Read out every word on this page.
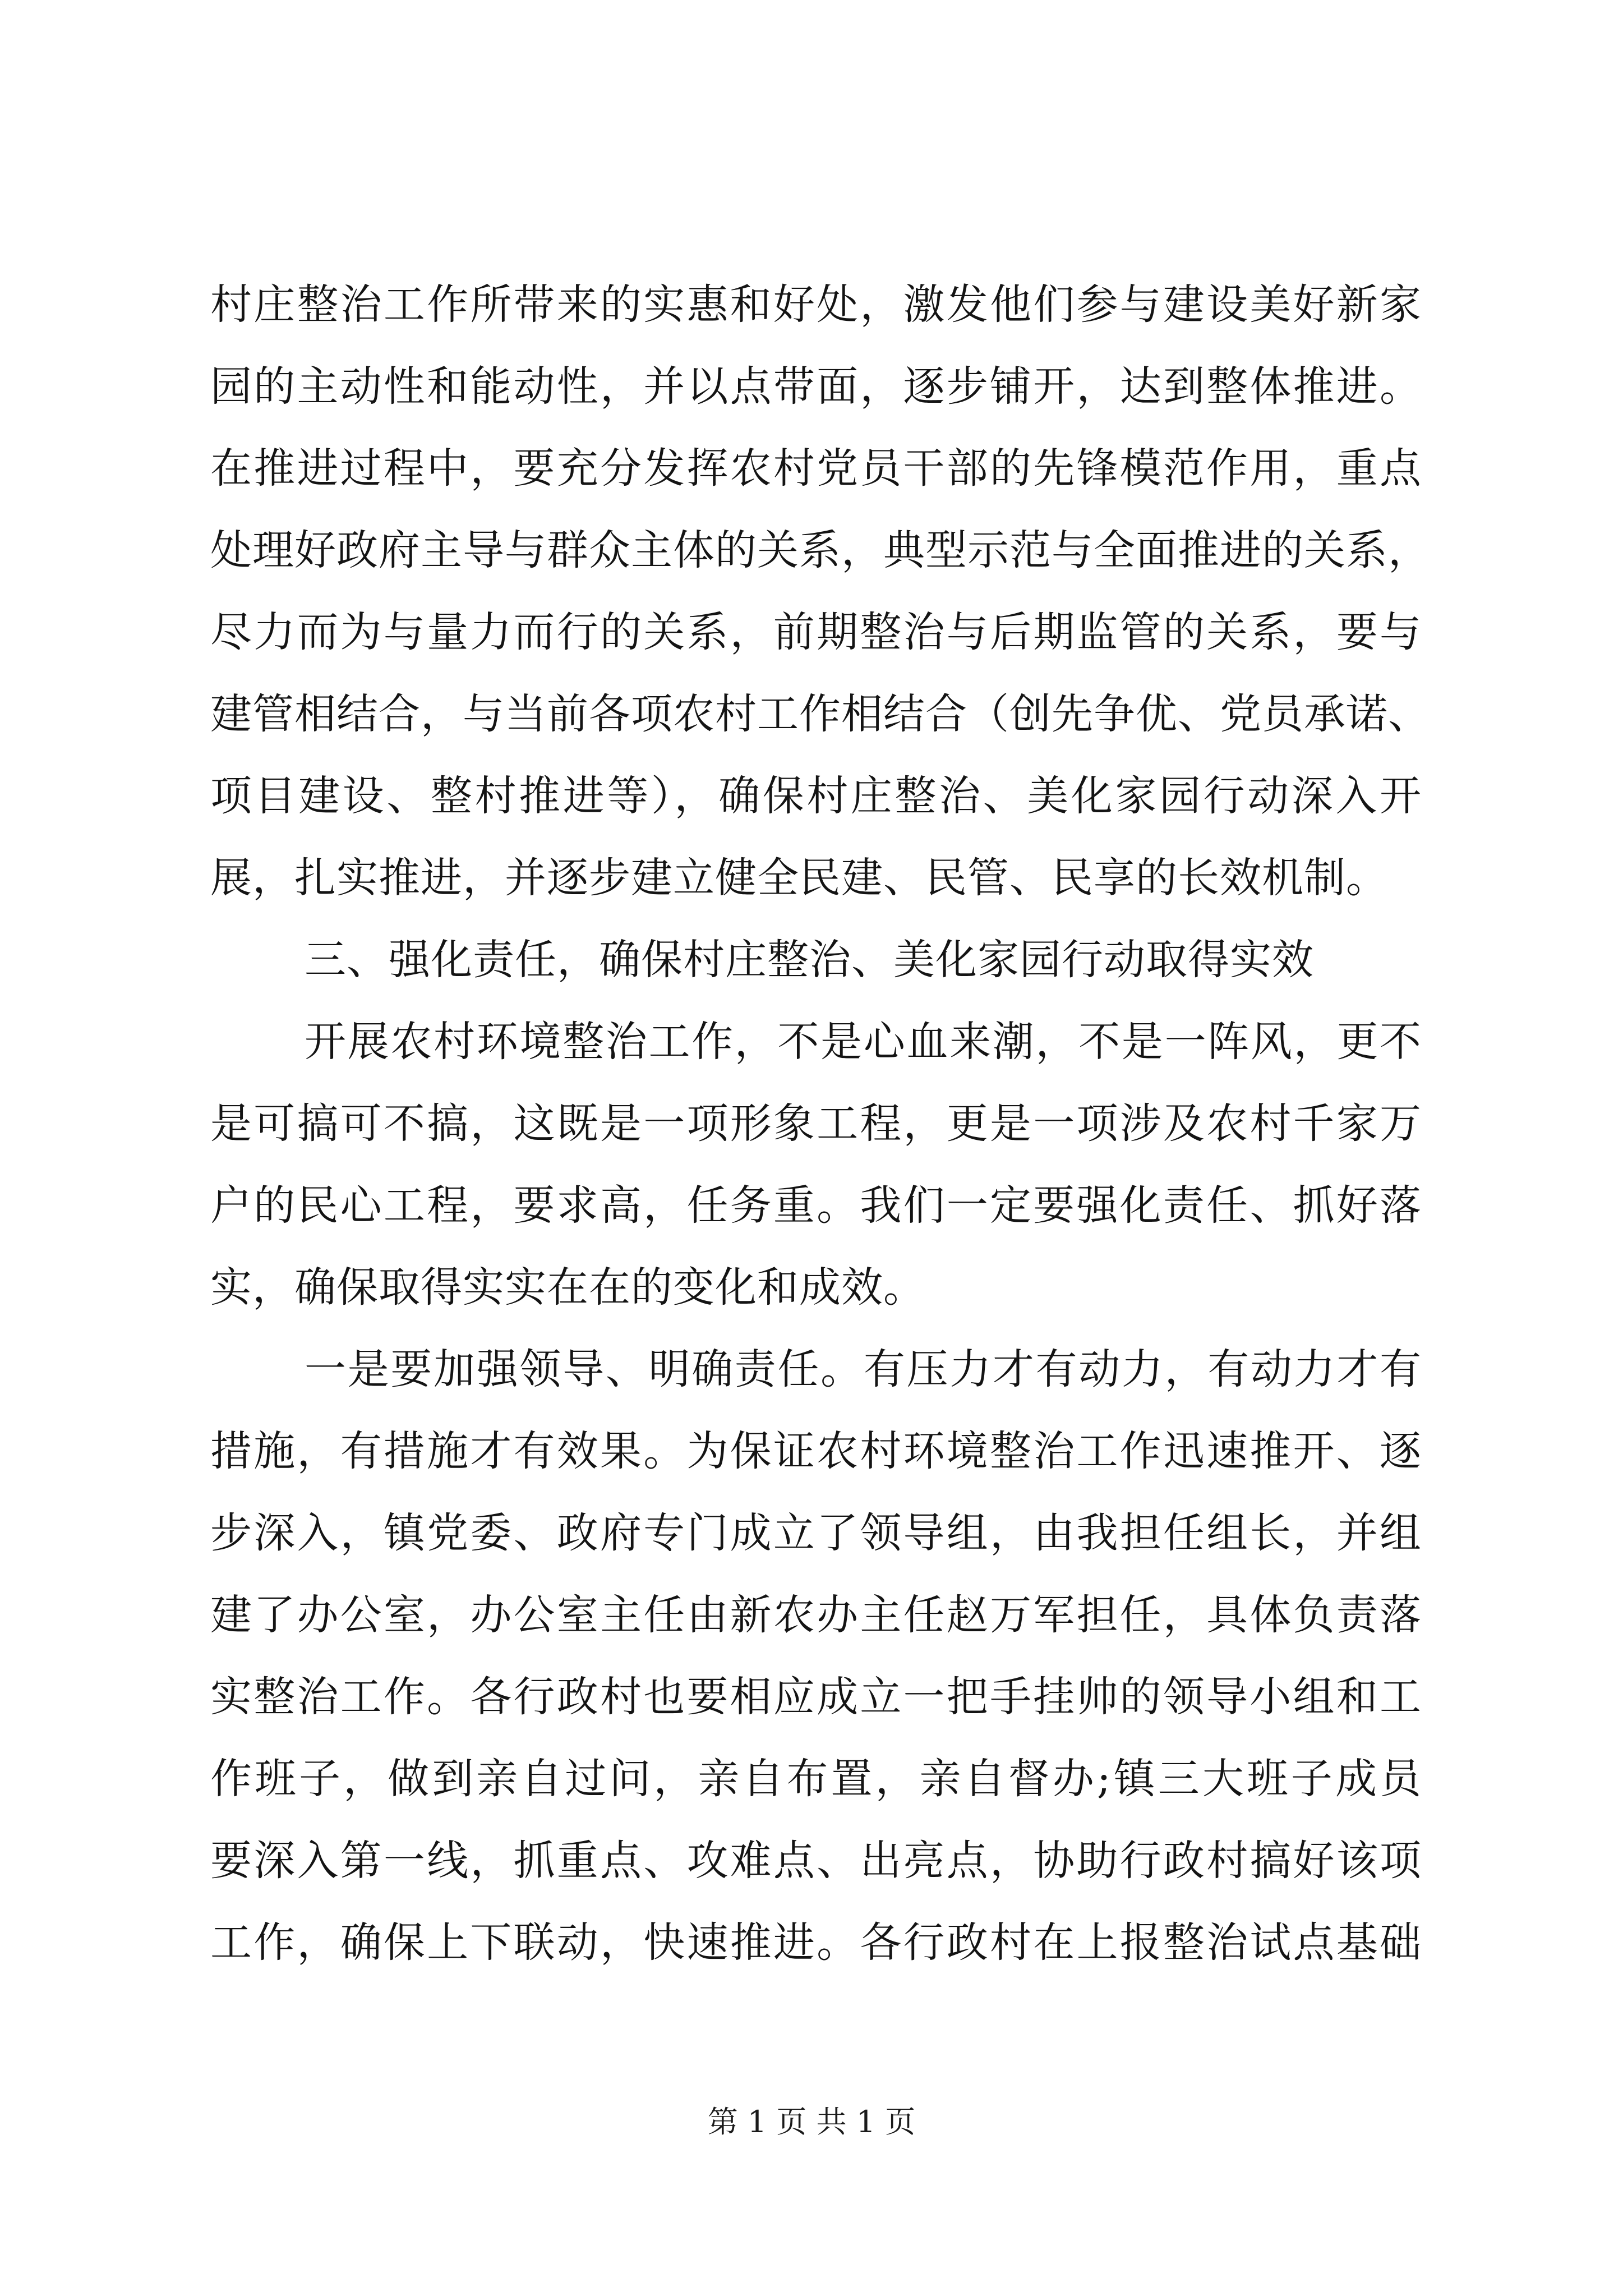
村庄整治工作所带来的实惠和好处，激发他们参与建设美好新家
园的主动性和能动性，并以点带面，逐步铺开，达到整体推进。
在推进过程中，要充分发挥农村党员干部的先锋模范作用，重点
处理好政府主导与群众主体的关系，典型示范与全面推进的关系，
尽力而为与量力而行的关系，前期整治与后期监管的关系，要与
建管相结合，与当前各项农村工作相结合（创先争优、党员承诺、
项目建设、整村推进等），确保村庄整治、美化家园行动深入开
展，扎实推进，并逐步建立健全民建、民管、民享的长效机制。
三、强化责任，确保村庄整治、美化家园行动取得实效
开展农村环境整治工作，不是心血来潮，不是一阵风，更不
是可搞可不搞，这既是一项形象工程，更是一项涉及农村千家万
户的民心工程，要求高，任务重。我们一定要强化责任、抓好落
实，确保取得实实在在的变化和成效。
一是要加强领导、明确责任。有压力才有动力，有动力才有
措施，有措施才有效果。为保证农村环境整治工作迅速推开、逐
步深入，镇党委、政府专门成立了领导组，由我担任组长，并组
建了办公室，办公室主任由新农办主任赵万军担任，具体负责落
实整治工作。各行政村也要相应成立一把手挂帅的领导小组和工
作班子，做到亲自过问，亲自布置，亲自督办;镇三大班子成员
要深入第一线，抓重点、攻难点、出亮点，协助行政村搞好该项
工作，确保上下联动，快速推进。各行政村在上报整治试点基础
第 1 页 共 1 页
